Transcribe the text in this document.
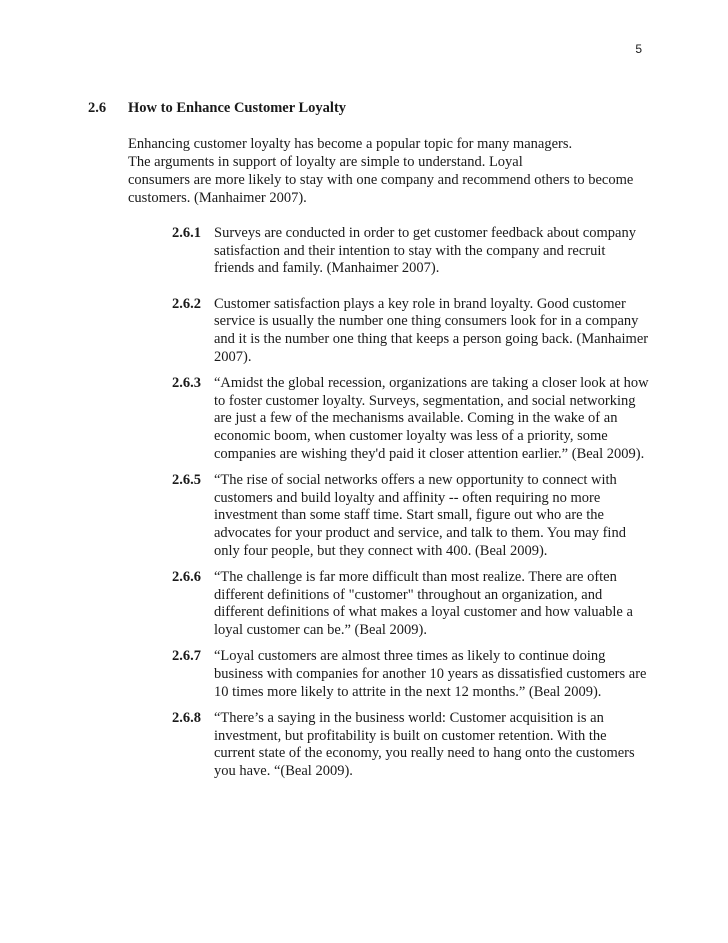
5
2.6	How to Enhance Customer Loyalty
Enhancing customer loyalty has become a popular topic for many managers.
The arguments in support of loyalty are simple to understand. Loyal
consumers are more likely to stay with one company and recommend others to become
customers. (Manhaimer 2007).
2.6.1 Surveys are conducted in order to get customer feedback about company
satisfaction and their intention to stay with the company and recruit
friends and family. (Manhaimer 2007).
2.6.2 Customer satisfaction plays a key role in brand loyalty. Good customer
service is usually the number one thing consumers look for in a company
and it is the number one thing that keeps a person going back. (Manhaimer
2007).
2.6.3 “Amidst the global recession, organizations are taking a closer look at how
to foster customer loyalty. Surveys, segmentation, and social networking
are just a few of the mechanisms available. Coming in the wake of an
economic boom, when customer loyalty was less of a priority, some
companies are wishing they'd paid it closer attention earlier.” (Beal 2009).
2.6.5 “The rise of social networks offers a new opportunity to connect with
customers and build loyalty and affinity -- often requiring no more
investment than some staff time. Start small, figure out who are the
advocates for your product and service, and talk to them. You may find
only four people, but they connect with 400. (Beal 2009).
2.6.6 “The challenge is far more difficult than most realize. There are often
different definitions of "customer" throughout an organization, and
different definitions of what makes a loyal customer and how valuable a
loyal customer can be.” (Beal 2009).
2.6.7 “Loyal customers are almost three times as likely to continue doing
business with companies for another 10 years as dissatisfied customers are
10 times more likely to attrite in the next 12 months.” (Beal 2009).
2.6.8 “There’s a saying in the business world: Customer acquisition is an
investment, but profitability is built on customer retention. With the
current state of the economy, you really need to hang onto the customers
you have. “(Beal 2009).
